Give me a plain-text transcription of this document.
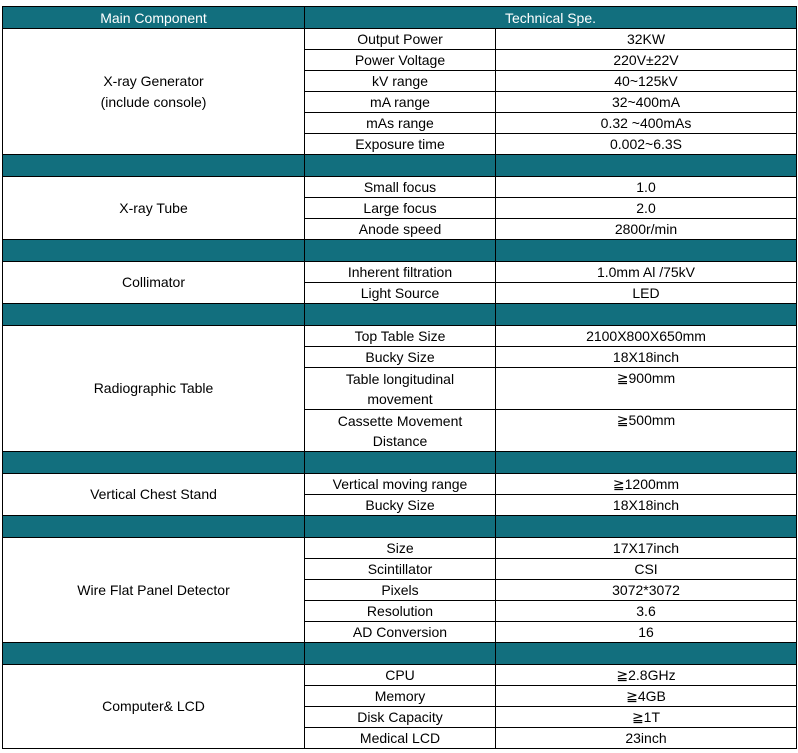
Main Component	Technical Spe.	
X-ray Generator
(include console)	Output Power	32KW
	Power Voltage	220V±22V
	kV range	40~125kV
	mA range	32~400mA
	mAs range	0.32 ~400mAs
	Exposure time	0.002~6.3S

X-ray Tube	Small focus	1.0
	Large focus	2.0
	Anode speed	2800r/min

Collimator	Inherent filtration	1.0mm Al /75kV
	Light Source	LED

Radiographic Table	Top Table Size	2100X800X650mm
	Bucky Size	18X18inch
	Table longitudinal
movement	≧900mm
	Cassette Movement
Distance	≧500mm

Vertical Chest Stand	Vertical moving range	≧1200mm
	Bucky Size	18X18inch

Wire Flat Panel Detector	Size	17X17inch
	Scintillator	CSI
	Pixels	3072*3072
	Resolution	3.6
	AD Conversion	16

Computer& LCD	CPU	≧2.8GHz
	Memory	≧4GB
	Disk Capacity	≧1T
	Medical LCD	23inch
